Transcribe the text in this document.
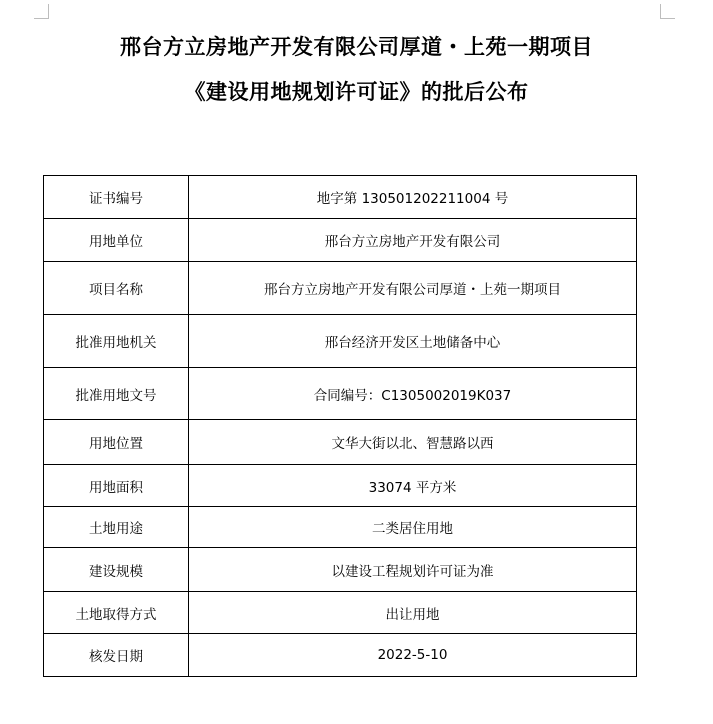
邢台方立房地产开发有限公司厚道・上苑一期项目
《建设用地规划许可证》的批后公布
证书编号	地字第 130501202211004 号
用地单位	邢台方立房地产开发有限公司
项目名称	邢台方立房地产开发有限公司厚道・上苑一期项目
批准用地机关	邢台经济开发区土地储备中心
批准用地文号	合同编号：C1305002019K037
用地位置	文华大街以北、智慧路以西
用地面积	33074 平方米
土地用途	二类居住用地
建设规模	以建设工程规划许可证为准
土地取得方式	出让用地
核发日期	2022-5-10
